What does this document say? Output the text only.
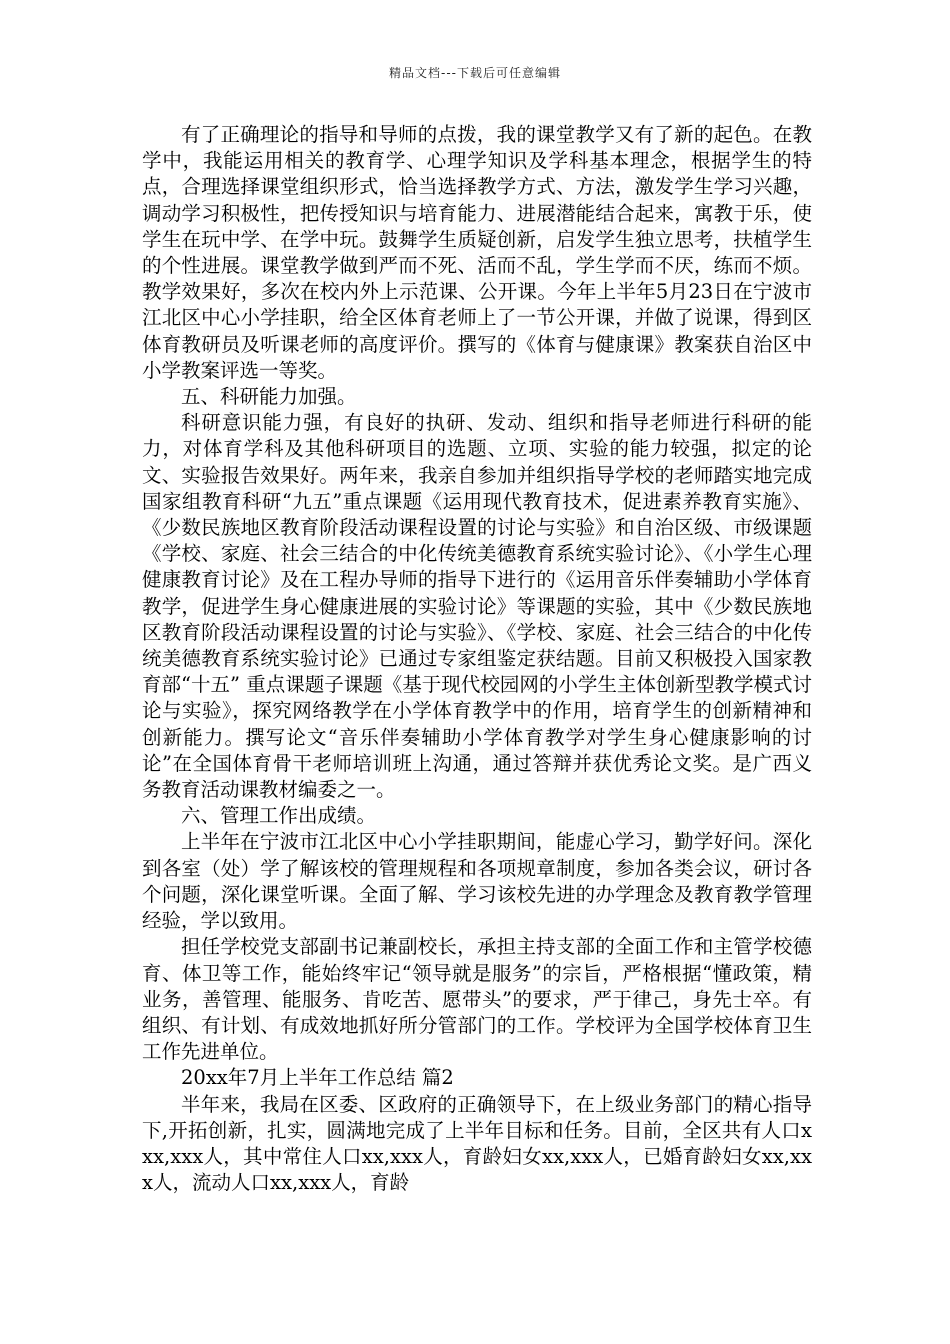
精品文档---下载后可任意编辑

有了正确理论的指导和导师的点拨，我的课堂教学又有了新的起色。在教学中，我能运用相关的教育学、心理学知识及学科基本理念，根据学生的特点，合理选择课堂组织形式，恰当选择教学方式、方法，激发学生学习兴趣，调动学习积极性，把传授知识与培育能力、进展潜能结合起来，寓教于乐，使学生在玩中学、在学中玩。鼓舞学生质疑创新，启发学生独立思考，扶植学生的个性进展。课堂教学做到严而不死、活而不乱，学生学而不厌，练而不烦。教学效果好，多次在校内外上示范课、公开课。今年上半年5月23日在宁波市江北区中心小学挂职，给全区体育老师上了一节公开课，并做了说课，得到区体育教研员及听课老师的高度评价。撰写的《体育与健康课》教案获自治区中小学教案评选一等奖。

五、科研能力加强。

科研意识能力强，有良好的执研、发动、组织和指导老师进行科研的能力，对体育学科及其他科研项目的选题、立项、实验的能力较强，拟定的论文、实验报告效果好。两年来，我亲自参加并组织指导学校的老师踏实地完成国家组教育科研“九五”重点课题《运用现代教育技术，促进素养教育实施》、《少数民族地区教育阶段活动课程设置的讨论与实验》和自治区级、市级课题《学校、家庭、社会三结合的中化传统美德教育系统实验讨论》、《小学生心理健康教育讨论》及在工程办导师的指导下进行的《运用音乐伴奏辅助小学体育教学，促进学生身心健康进展的实验讨论》等课题的实验，其中《少数民族地区教育阶段活动课程设置的讨论与实验》、《学校、家庭、社会三结合的中化传统美德教育系统实验讨论》已通过专家组鉴定获结题。目前又积极投入国家教育部“十五” 重点课题子课题《基于现代校园网的小学生主体创新型教学模式讨论与实验》，探究网络教学在小学体育教学中的作用，培育学生的创新精神和创新能力。撰写论文“音乐伴奏辅助小学体育教学对学生身心健康影响的讨论”在全国体育骨干老师培训班上沟通，通过答辩并获优秀论文奖。是广西义务教育活动课教材编委之一。

六、管理工作出成绩。

上半年在宁波市江北区中心小学挂职期间，能虚心学习，勤学好问。深化到各室（处）学了解该校的管理规程和各项规章制度，参加各类会议，研讨各个问题，深化课堂听课。全面了解、学习该校先进的办学理念及教育教学管理经验，学以致用。

担任学校党支部副书记兼副校长，承担主持支部的全面工作和主管学校德育、体卫等工作，能始终牢记“领导就是服务”的宗旨，严格根据“懂政策，精业务，善管理、能服务、肯吃苦、愿带头”的要求，严于律己，身先士卒。有组织、有计划、有成效地抓好所分管部门的工作。学校评为全国学校体育卫生工作先进单位。

20xx年7月上半年工作总结 篇2

半年来，我局在区委、区政府的正确领导下，在上级业务部门的精心指导下,开拓创新，扎实，圆满地完成了上半年目标和任务。目前，全区共有人口xxx,xxx人，其中常住人口xx,xxx人，育龄妇女xx,xxx人，已婚育龄妇女xx,xxx人，流动人口xx,xxx人，育龄
